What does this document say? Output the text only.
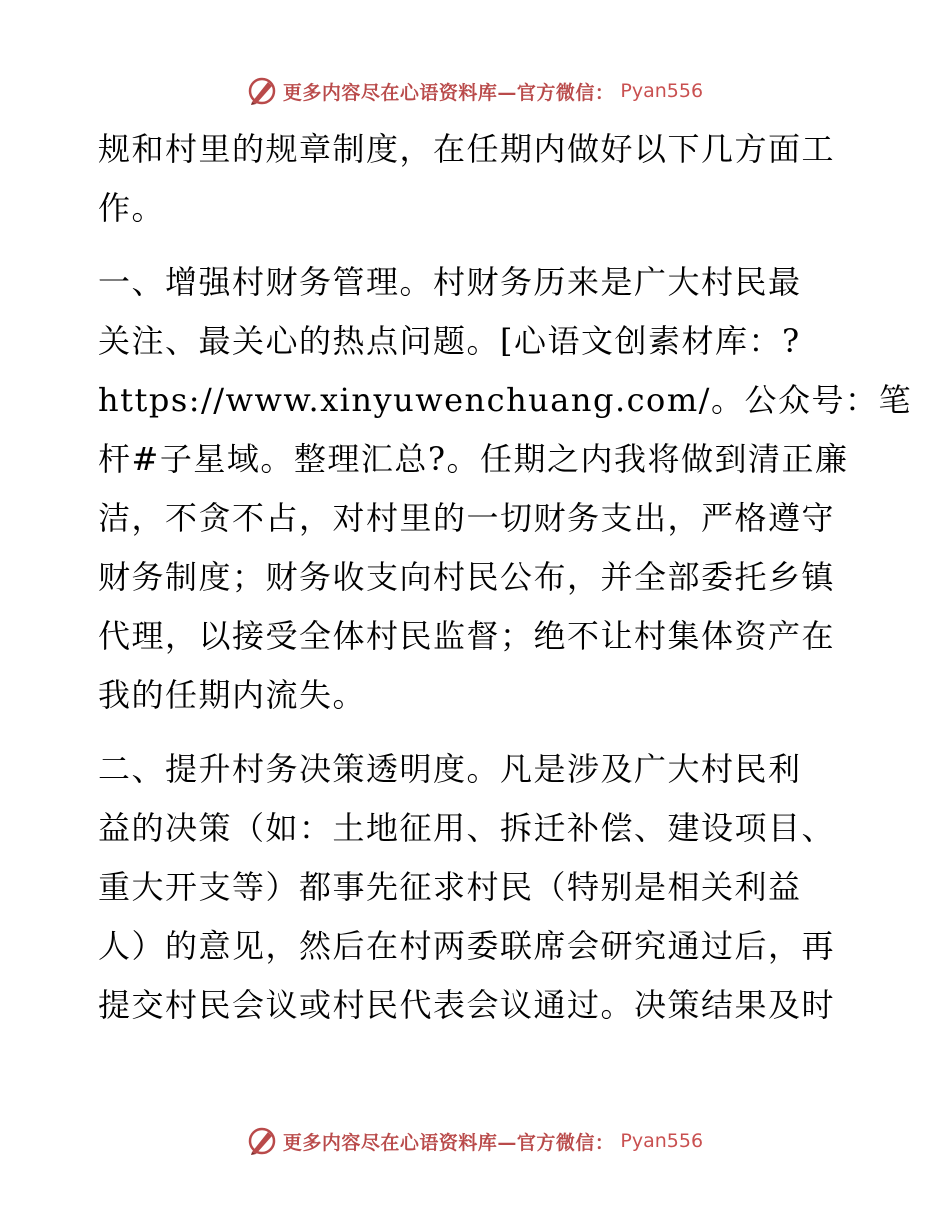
更多内容尽在心语资料库—官方微信： Pyan556
规和村里的规章制度，在任期内做好以下几方面工
作。
一、增强村财务管理。村财务历来是广大村民最
关注、最关心的热点问题。[心语文创素材库：?
https://www.xinyuwenchuang.com/。公众号：笔
杆#子星域。整理汇总?。任期之内我将做到清正廉
洁，不贪不占，对村里的一切财务支出，严格遵守
财务制度；财务收支向村民公布，并全部委托乡镇
代理，以接受全体村民监督；绝不让村集体资产在
我的任期内流失。
二、提升村务决策透明度。凡是涉及广大村民利
益的决策（如：土地征用、拆迁补偿、建设项目、
重大开支等）都事先征求村民（特别是相关利益
人）的意见，然后在村两委联席会研究通过后，再
提交村民会议或村民代表会议通过。决策结果及时
更多内容尽在心语资料库—官方微信： Pyan556
